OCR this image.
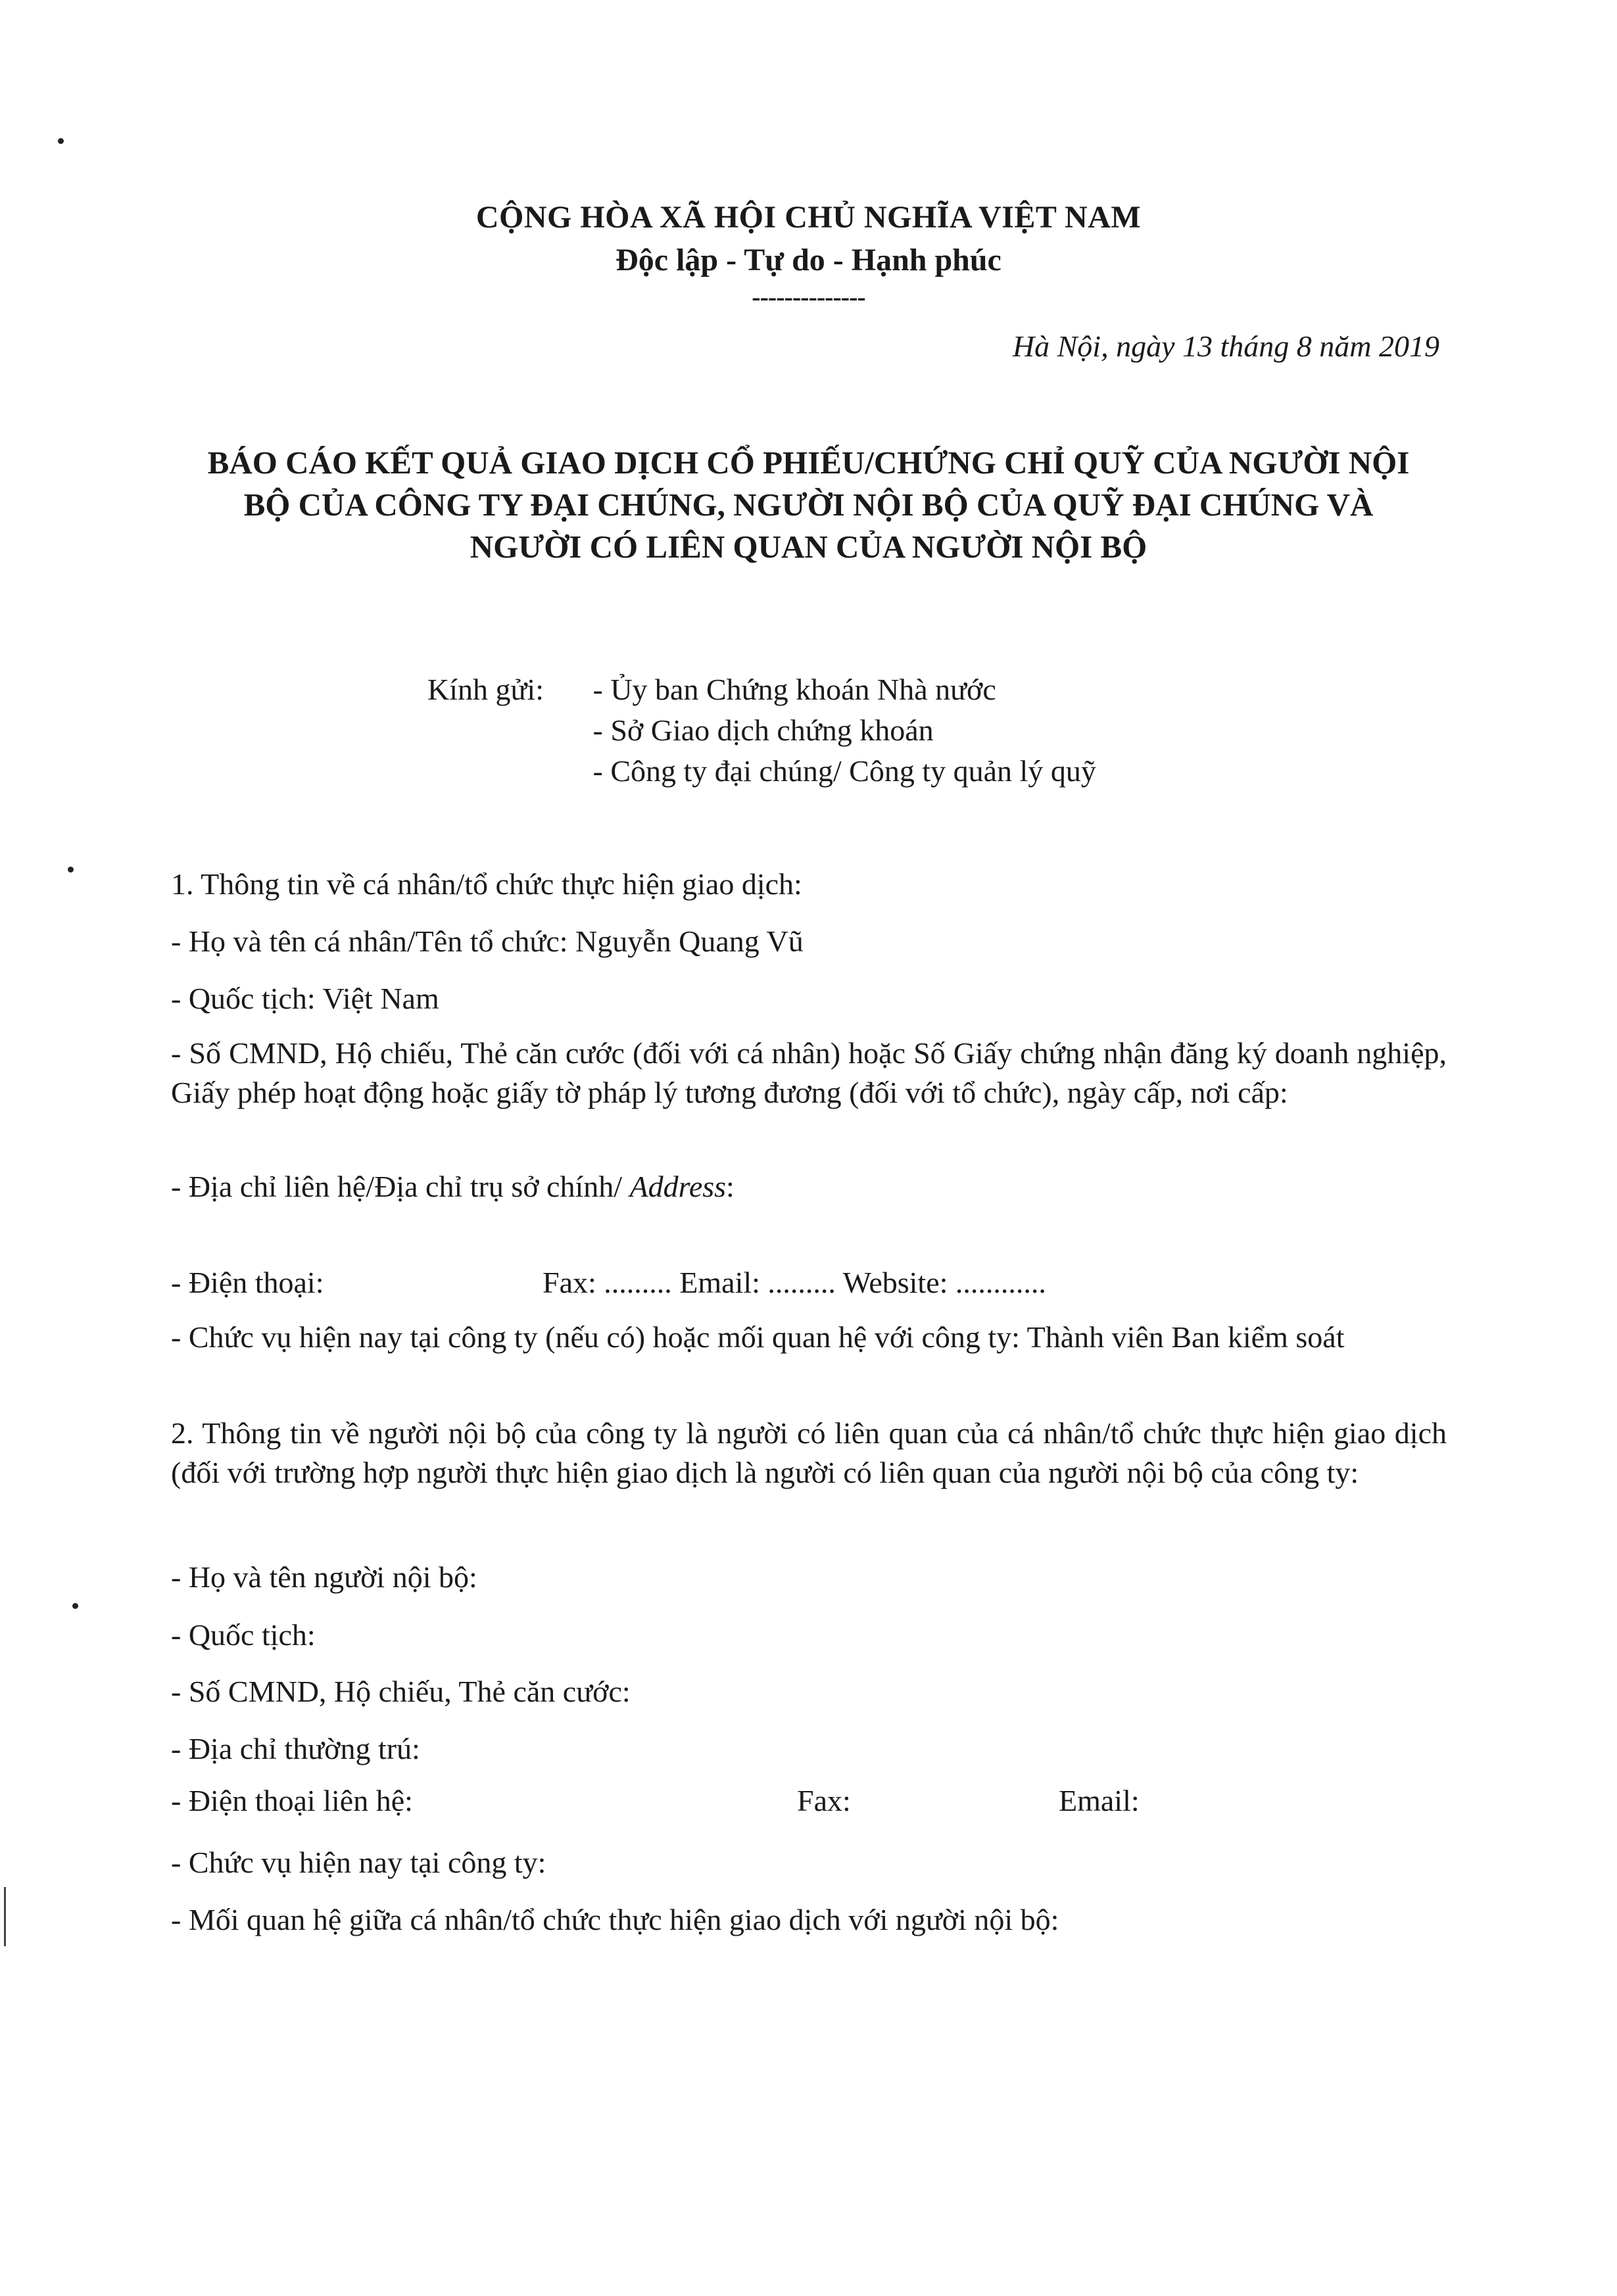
CỘNG HÒA XÃ HỘI CHỦ NGHĨA VIỆT NAM
Độc lập - Tự do - Hạnh phúc
--------------
Hà Nội, ngày 13 tháng 8 năm 2019
BÁO CÁO KẾT QUẢ GIAO DỊCH CỔ PHIẾU/CHỨNG CHỈ QUỸ CỦA NGƯỜI NỘI
BỘ CỦA CÔNG TY ĐẠI CHÚNG, NGƯỜI NỘI BỘ CỦA QUỸ ĐẠI CHÚNG VÀ
NGƯỜI CÓ LIÊN QUAN CỦA NGƯỜI NỘI BỘ
Kính gửi: - Ủy ban Chứng khoán Nhà nước
- Sở Giao dịch chứng khoán
- Công ty đại chúng/ Công ty quản lý quỹ
1. Thông tin về cá nhân/tổ chức thực hiện giao dịch:
- Họ và tên cá nhân/Tên tổ chức: Nguyễn Quang Vũ
- Quốc tịch: Việt Nam
- Số CMND, Hộ chiếu, Thẻ căn cước (đối với cá nhân) hoặc Số Giấy chứng nhận đăng ký doanh nghiệp, Giấy phép hoạt động hoặc giấy tờ pháp lý tương đương (đối với tổ chức), ngày cấp, nơi cấp:
- Địa chỉ liên hệ/Địa chỉ trụ sở chính/ Address:
- Điện thoại:	Fax: ......... Email: ......... Website: ............
- Chức vụ hiện nay tại công ty (nếu có) hoặc mối quan hệ với công ty: Thành viên Ban kiểm soát
2. Thông tin về người nội bộ của công ty là người có liên quan của cá nhân/tổ chức thực hiện giao dịch (đối với trường hợp người thực hiện giao dịch là người có liên quan của người nội bộ của công ty:
- Họ và tên người nội bộ:
- Quốc tịch:
- Số CMND, Hộ chiếu, Thẻ căn cước:
- Địa chỉ thường trú:
- Điện thoại liên hệ:	Fax:	Email:
- Chức vụ hiện nay tại công ty:
- Mối quan hệ giữa cá nhân/tổ chức thực hiện giao dịch với người nội bộ:
